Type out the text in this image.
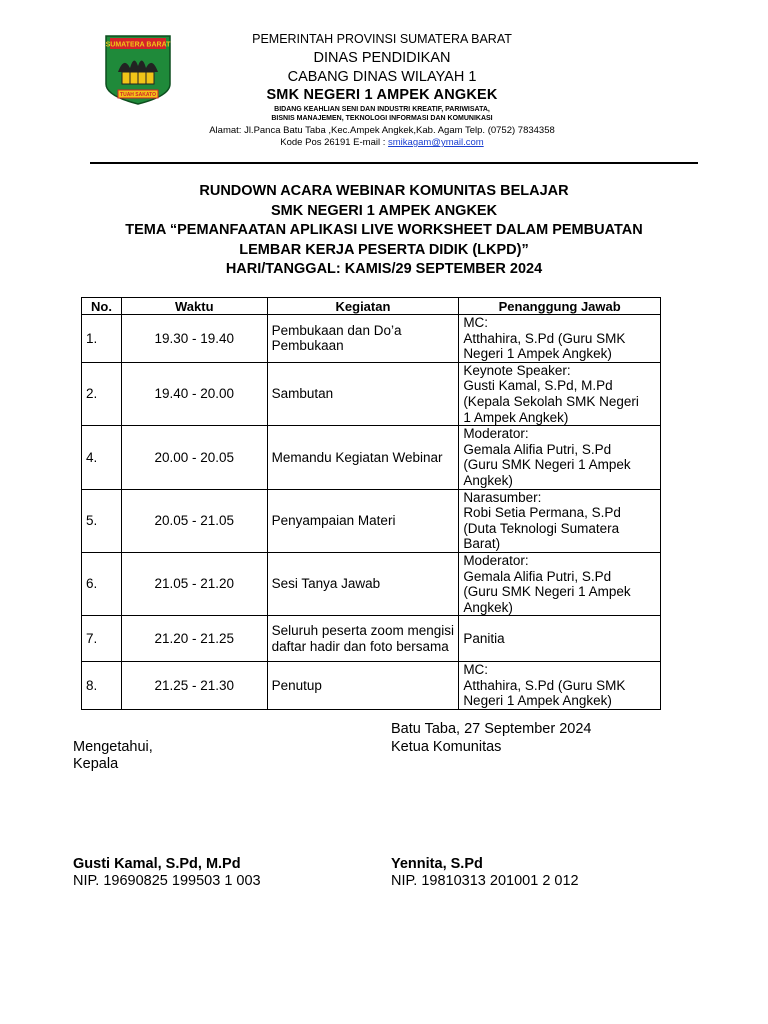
SUMATERA BARAT
TUAH SAKATO
PEMERINTAH PROVINSI SUMATERA BARAT
DINAS PENDIDIKAN
CABANG DINAS WILAYAH 1
SMK NEGERI 1 AMPEK ANGKEK
BIDANG KEAHLIAN SENI DAN INDUSTRI KREATIF, PARIWISATA,
BISNIS MANAJEMEN, TEKNOLOGI INFORMASI DAN KOMUNIKASI
Alamat: Jl.Panca Batu Taba ,Kec.Ampek Angkek,Kab. Agam Telp. (0752) 7834358
Kode Pos 26191 E-mail : smikagam@ymail.com
RUNDOWN ACARA WEBINAR KOMUNITAS BELAJAR
SMK NEGERI 1 AMPEK ANGKEK
TEMA “PEMANFAATAN APLIKASI LIVE WORKSHEET DALAM PEMBUATAN
LEMBAR KERJA PESERTA DIDIK (LKPD)”
HARI/TANGGAL: KAMIS/29 SEPTEMBER 2024
No.	Waktu	Kegiatan	Penanggung Jawab
1.	19.30 - 19.40	Pembukaan dan Do’a Pembukaan	MC:
Atthahira, S.Pd (Guru SMK
Negeri 1 Ampek Angkek)

2.	19.40 - 20.00	Sambutan	Keynote Speaker:
Gusti Kamal, S.Pd, M.Pd
(Kepala Sekolah SMK Negeri
1 Ampek Angkek)

4.	20.00 - 20.05	Memandu Kegiatan Webinar	Moderator:
Gemala Alifia Putri, S.Pd
(Guru SMK Negeri 1 Ampek
Angkek)

5.	20.05 - 21.05	Penyampaian Materi	Narasumber:
Robi Setia Permana, S.Pd
(Duta Teknologi Sumatera
Barat)

6.	21.05 - 21.20	Sesi Tanya Jawab	Moderator:
Gemala Alifia Putri, S.Pd
(Guru SMK Negeri 1 Ampek
Angkek)

7.	21.20 - 21.25	Seluruh peserta zoom mengisi daftar hadir dan foto bersama	Panitia

8.	21.25 - 21.30	Penutup	MC:
Atthahira, S.Pd (Guru SMK
Negeri 1 Ampek Angkek)
Batu Taba, 27 September 2024
Ketua Komunitas
Mengetahui,
Kepala
Gusti Kamal, S.Pd, M.Pd
NIP. 19690825 199503 1 003
Yennita, S.Pd
NIP. 19810313 201001 2 012
